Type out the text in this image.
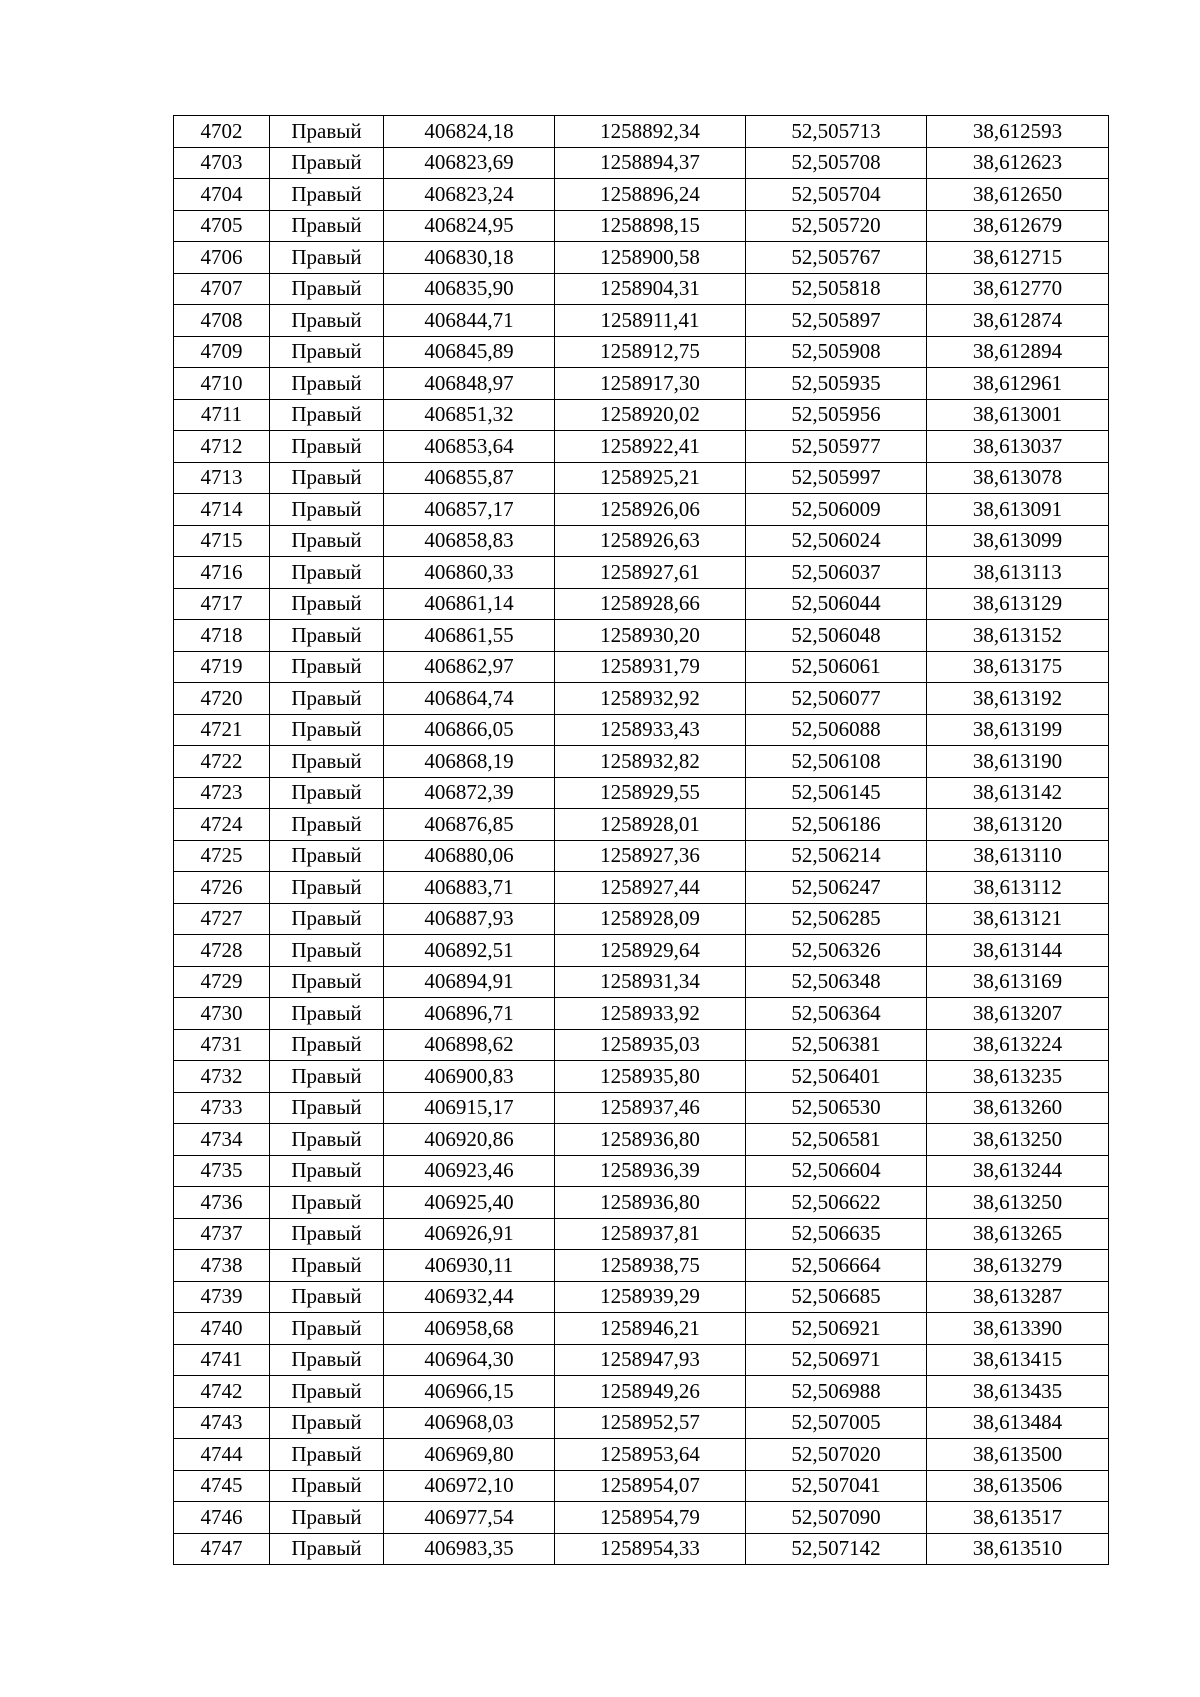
4702	Правый	406824,18	1258892,34	52,505713	38,612593
4703	Правый	406823,69	1258894,37	52,505708	38,612623
4704	Правый	406823,24	1258896,24	52,505704	38,612650
4705	Правый	406824,95	1258898,15	52,505720	38,612679
4706	Правый	406830,18	1258900,58	52,505767	38,612715
4707	Правый	406835,90	1258904,31	52,505818	38,612770
4708	Правый	406844,71	1258911,41	52,505897	38,612874
4709	Правый	406845,89	1258912,75	52,505908	38,612894
4710	Правый	406848,97	1258917,30	52,505935	38,612961
4711	Правый	406851,32	1258920,02	52,505956	38,613001
4712	Правый	406853,64	1258922,41	52,505977	38,613037
4713	Правый	406855,87	1258925,21	52,505997	38,613078
4714	Правый	406857,17	1258926,06	52,506009	38,613091
4715	Правый	406858,83	1258926,63	52,506024	38,613099
4716	Правый	406860,33	1258927,61	52,506037	38,613113
4717	Правый	406861,14	1258928,66	52,506044	38,613129
4718	Правый	406861,55	1258930,20	52,506048	38,613152
4719	Правый	406862,97	1258931,79	52,506061	38,613175
4720	Правый	406864,74	1258932,92	52,506077	38,613192
4721	Правый	406866,05	1258933,43	52,506088	38,613199
4722	Правый	406868,19	1258932,82	52,506108	38,613190
4723	Правый	406872,39	1258929,55	52,506145	38,613142
4724	Правый	406876,85	1258928,01	52,506186	38,613120
4725	Правый	406880,06	1258927,36	52,506214	38,613110
4726	Правый	406883,71	1258927,44	52,506247	38,613112
4727	Правый	406887,93	1258928,09	52,506285	38,613121
4728	Правый	406892,51	1258929,64	52,506326	38,613144
4729	Правый	406894,91	1258931,34	52,506348	38,613169
4730	Правый	406896,71	1258933,92	52,506364	38,613207
4731	Правый	406898,62	1258935,03	52,506381	38,613224
4732	Правый	406900,83	1258935,80	52,506401	38,613235
4733	Правый	406915,17	1258937,46	52,506530	38,613260
4734	Правый	406920,86	1258936,80	52,506581	38,613250
4735	Правый	406923,46	1258936,39	52,506604	38,613244
4736	Правый	406925,40	1258936,80	52,506622	38,613250
4737	Правый	406926,91	1258937,81	52,506635	38,613265
4738	Правый	406930,11	1258938,75	52,506664	38,613279
4739	Правый	406932,44	1258939,29	52,506685	38,613287
4740	Правый	406958,68	1258946,21	52,506921	38,613390
4741	Правый	406964,30	1258947,93	52,506971	38,613415
4742	Правый	406966,15	1258949,26	52,506988	38,613435
4743	Правый	406968,03	1258952,57	52,507005	38,613484
4744	Правый	406969,80	1258953,64	52,507020	38,613500
4745	Правый	406972,10	1258954,07	52,507041	38,613506
4746	Правый	406977,54	1258954,79	52,507090	38,613517
4747	Правый	406983,35	1258954,33	52,507142	38,613510
